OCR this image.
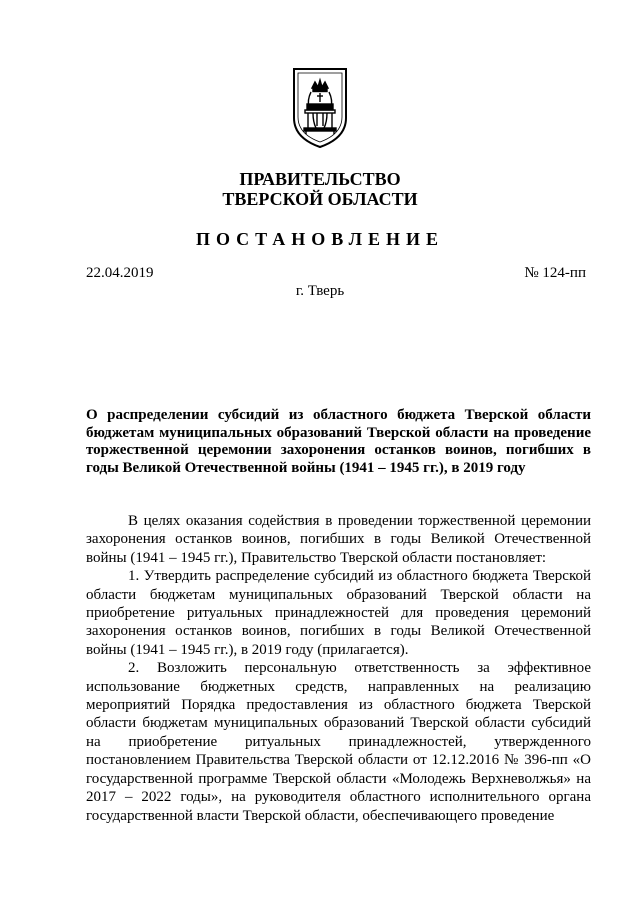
ПРАВИТЕЛЬСТВО
ТВЕРСКОЙ ОБЛАСТИ
ПОСТАНОВЛЕНИЕ
22.04.2019	№ 124-пп
г. Тверь
О распределении субсидий из областного бюджета Тверской области бюджетам муниципальных образований Тверской области на проведение торжественной церемонии захоронения останков воинов, погибших в годы Великой Отечественной войны (1941 – 1945 гг.), в 2019 году

В целях оказания содействия в проведении торжественной церемонии захоронения останков воинов, погибших в годы Великой Отечественной войны (1941 – 1945 гг.), Правительство Тверской области постановляет:

1. Утвердить распределение субсидий из областного бюджета Тверской области бюджетам муниципальных образований Тверской области на приобретение ритуальных принадлежностей для проведения церемоний захоронения останков воинов, погибших в годы Великой Отечественной войны (1941 – 1945 гг.), в 2019 году (прилагается).

2. Возложить персональную ответственность за эффективное использование бюджетных средств, направленных на реализацию мероприятий Порядка предоставления из областного бюджета Тверской области бюджетам муниципальных образований Тверской области субсидий на приобретение ритуальных принадлежностей, утвержденного постановлением Правительства Тверской области от 12.12.2016 № 396-пп «О государственной программе Тверской области «Молодежь Верхневолжья» на 2017 – 2022 годы», на руководителя областного исполнительного органа государственной власти Тверской области, обеспечивающего проведение
